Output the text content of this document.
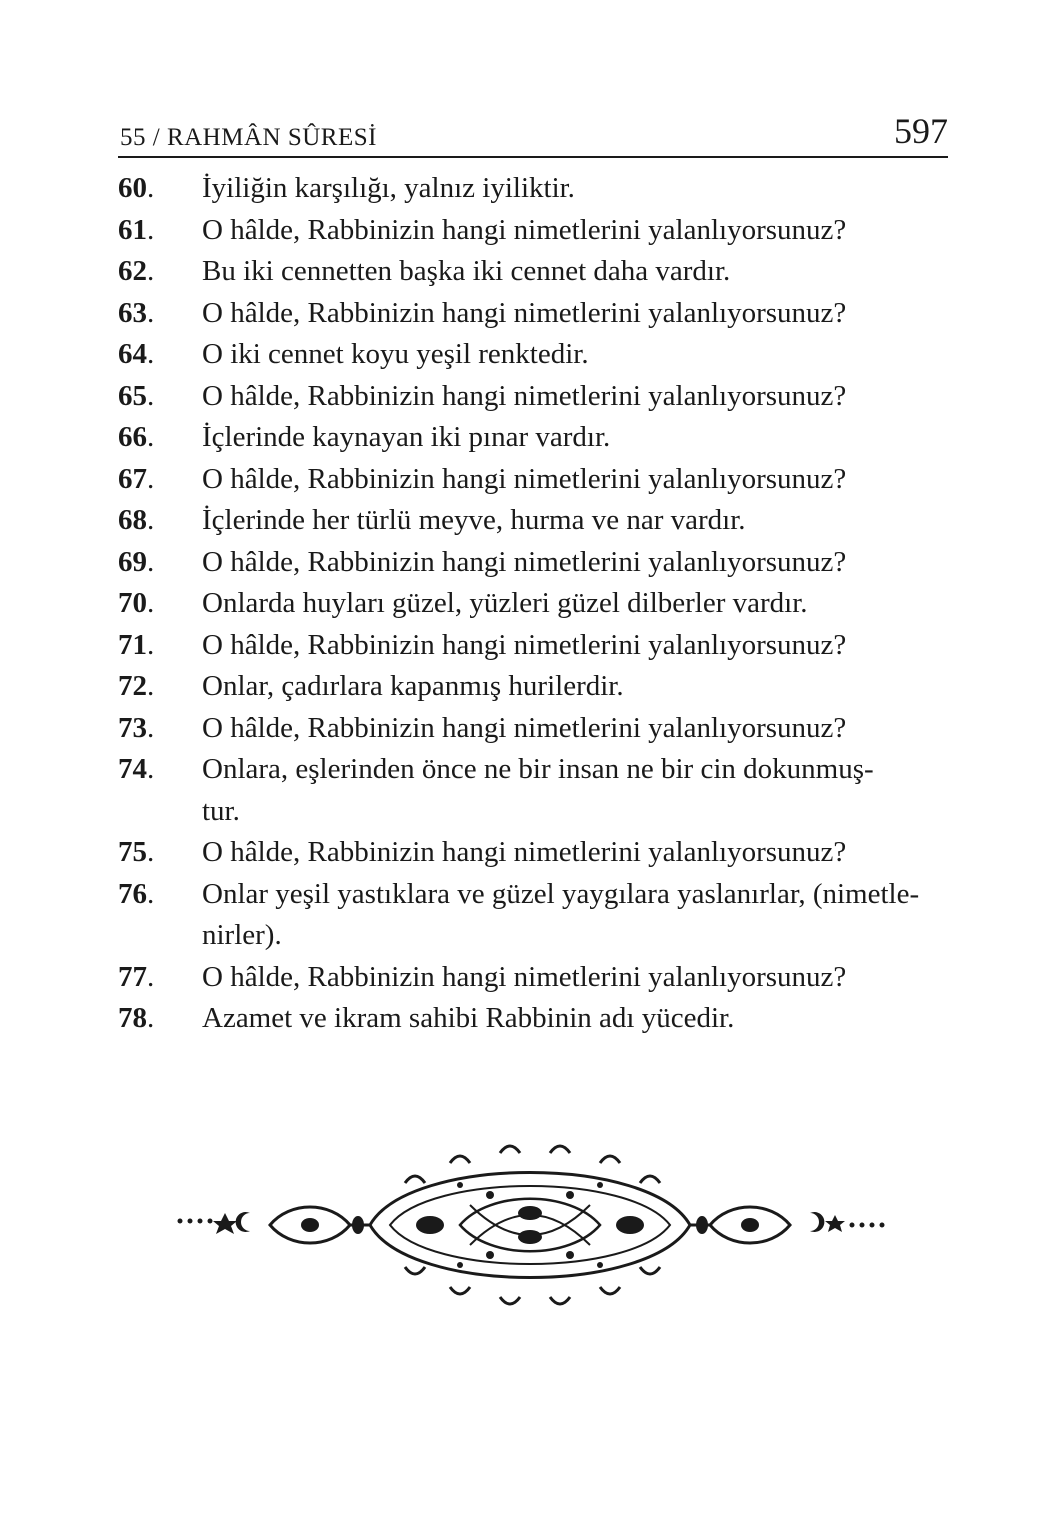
55 / RAHMÂN SÛRESİ	597
60.	İyiliğin karşılığı, yalnız iyiliktir.
61.	O hâlde, Rabbinizin hangi nimetlerini yalanlıyorsunuz?
62.	Bu iki cennetten başka iki cennet daha vardır.
63.	O hâlde, Rabbinizin hangi nimetlerini yalanlıyorsunuz?
64.	O iki cennet koyu yeşil renktedir.
65.	O hâlde, Rabbinizin hangi nimetlerini yalanlıyorsunuz?
66.	İçlerinde kaynayan iki pınar vardır.
67.	O hâlde, Rabbinizin hangi nimetlerini yalanlıyorsunuz?
68.	İçlerinde her türlü meyve, hurma ve nar vardır.
69.	O hâlde, Rabbinizin hangi nimetlerini yalanlıyorsunuz?
70.	Onlarda huyları güzel, yüzleri güzel dilberler vardır.
71.	O hâlde, Rabbinizin hangi nimetlerini yalanlıyorsunuz?
72.	Onlar, çadırlara kapanmış hurilerdir.
73.	O hâlde, Rabbinizin hangi nimetlerini yalanlıyorsunuz?
74.	Onlara, eşlerinden önce ne bir insan ne bir cin dokunmuş-
tur.
75.	O hâlde, Rabbinizin hangi nimetlerini yalanlıyorsunuz?
76.	Onlar yeşil yastıklara ve güzel yaygılara yaslanırlar, (nimetle-
nirler).
77.	O hâlde, Rabbinizin hangi nimetlerini yalanlıyorsunuz?
78.	Azamet ve ikram sahibi Rabbinin adı yücedir.
